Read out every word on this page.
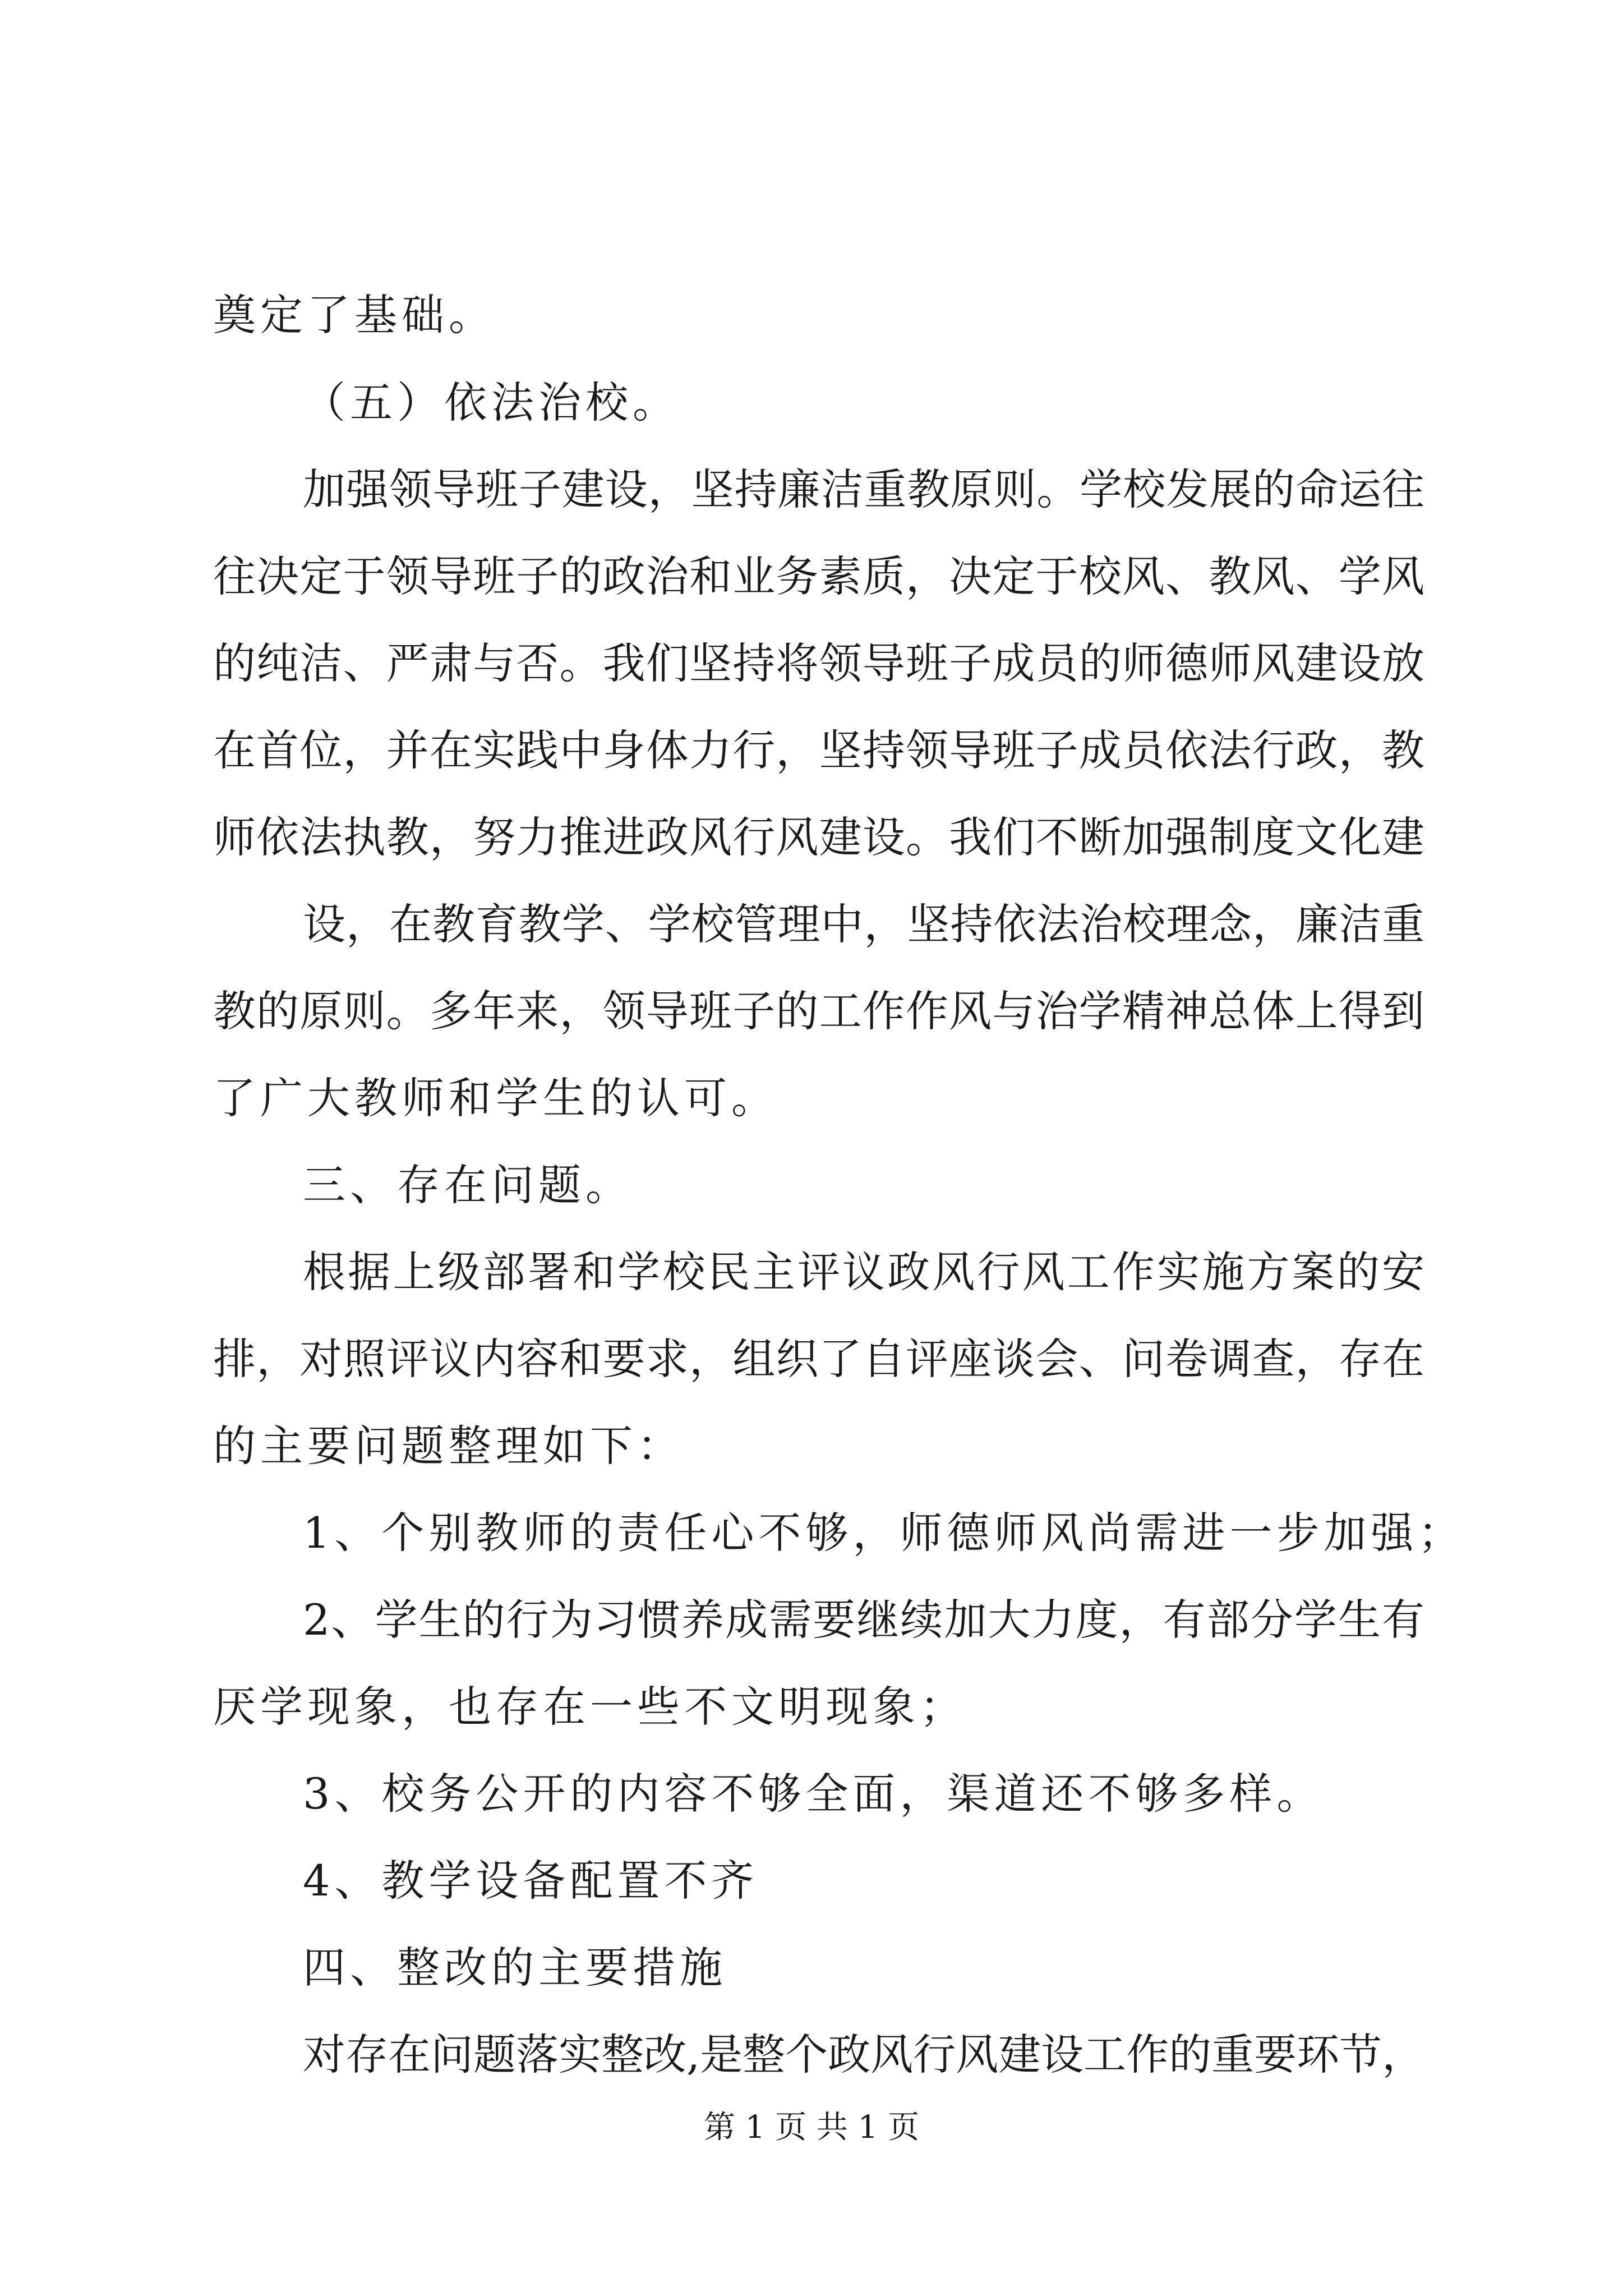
奠定了基础。

（五）依法治校。

加强领导班子建设，坚持廉洁重教原则。学校发展的命运往

往决定于领导班子的政治和业务素质，决定于校风、教风、学风

的纯洁、严肃与否。我们坚持将领导班子成员的师德师风建设放

在首位，并在实践中身体力行，坚持领导班子成员依法行政，教

师依法执教，努力推进政风行风建设。我们不断加强制度文化建

设，在教育教学、学校管理中，坚持依法治校理念，廉洁重

教的原则。多年来，领导班子的工作作风与治学精神总体上得到

了广大教师和学生的认可。

三、存在问题。

根据上级部署和学校民主评议政风行风工作实施方案的安

排，对照评议内容和要求，组织了自评座谈会、问卷调查，存在

的主要问题整理如下：

1、个别教师的责任心不够，师德师风尚需进一步加强；

2、学生的行为习惯养成需要继续加大力度，有部分学生有

厌学现象，也存在一些不文明现象；

3、校务公开的内容不够全面，渠道还不够多样。

4、教学设备配置不齐

四、整改的主要措施

对存在问题落实整改,是整个政风行风建设工作的重要环节，

第 1 页 共 1 页
